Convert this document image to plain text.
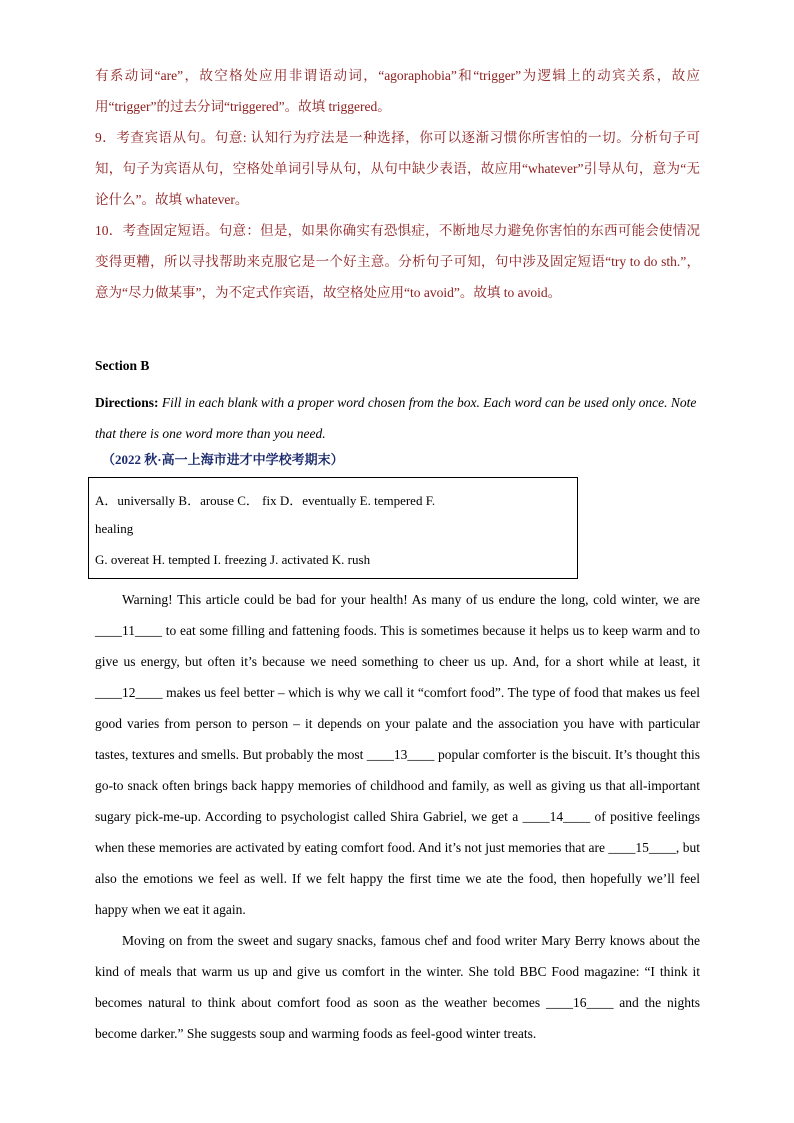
有系动词“are”，故空格处应用非谓语动词，“agoraphobia”和“trigger”为逻辑上的动宾关系，故应用“trigger”的过去分词“triggered”。故填 triggered。

9．考查宾语从句。句意: 认知行为疗法是一种选择，你可以逐渐习惯你所害怕的一切。分析句子可知，句子为宾语从句，空格处单词引导从句，从句中缺少表语，故应用“whatever”引导从句，意为“无论什么”。故填 whatever。

10．考查固定短语。句意：但是，如果你确实有恐惧症，不断地尽力避免你害怕的东西可能会使情况变得更糟，所以寻找帮助来克服它是一个好主意。分析句子可知，句中涉及固定短语“try to do sth.”，意为“尽力做某事”，为不定式作宾语，故空格处应用“to avoid”。故填 to avoid。

Section B
Directions: Fill in each blank with a proper word chosen from the box. Each word can be used only once. Note that there is one word more than you need.
（2022 秋·高一上海市进才中学校考期末）
A．universally B．arouse C． fix D．eventually E. tempered F.
healing
G. overeat H. tempted I. freezing J. activated K. rush

Warning! This article could be bad for your health! As many of us endure the long, cold winter, we are ____11____ to eat some filling and fattening foods. This is sometimes because it helps us to keep warm and to give us energy, but often it’s because we need something to cheer us up. And, for a short while at least, it ____12____ makes us feel better – which is why we call it “comfort food”. The type of food that makes us feel good varies from person to person – it depends on your palate and the association you have with particular tastes, textures and smells. But probably the most ____13____ popular comforter is the biscuit. It’s thought this go-to snack often brings back happy memories of childhood and family, as well as giving us that all-important sugary pick-me-up. According to psychologist called Shira Gabriel, we get a ____14____ of positive feelings when these memories are activated by eating comfort food. And it’s not just memories that are ____15____, but also the emotions we feel as well. If we felt happy the first time we ate the food, then hopefully we’ll feel happy when we eat it again.

Moving on from the sweet and sugary snacks, famous chef and food writer Mary Berry knows about the kind of meals that warm us up and give us comfort in the winter. She told BBC Food magazine: “I think it becomes natural to think about comfort food as soon as the weather becomes ____16____ and the nights become darker.” She suggests soup and warming foods as feel-good winter treats.
